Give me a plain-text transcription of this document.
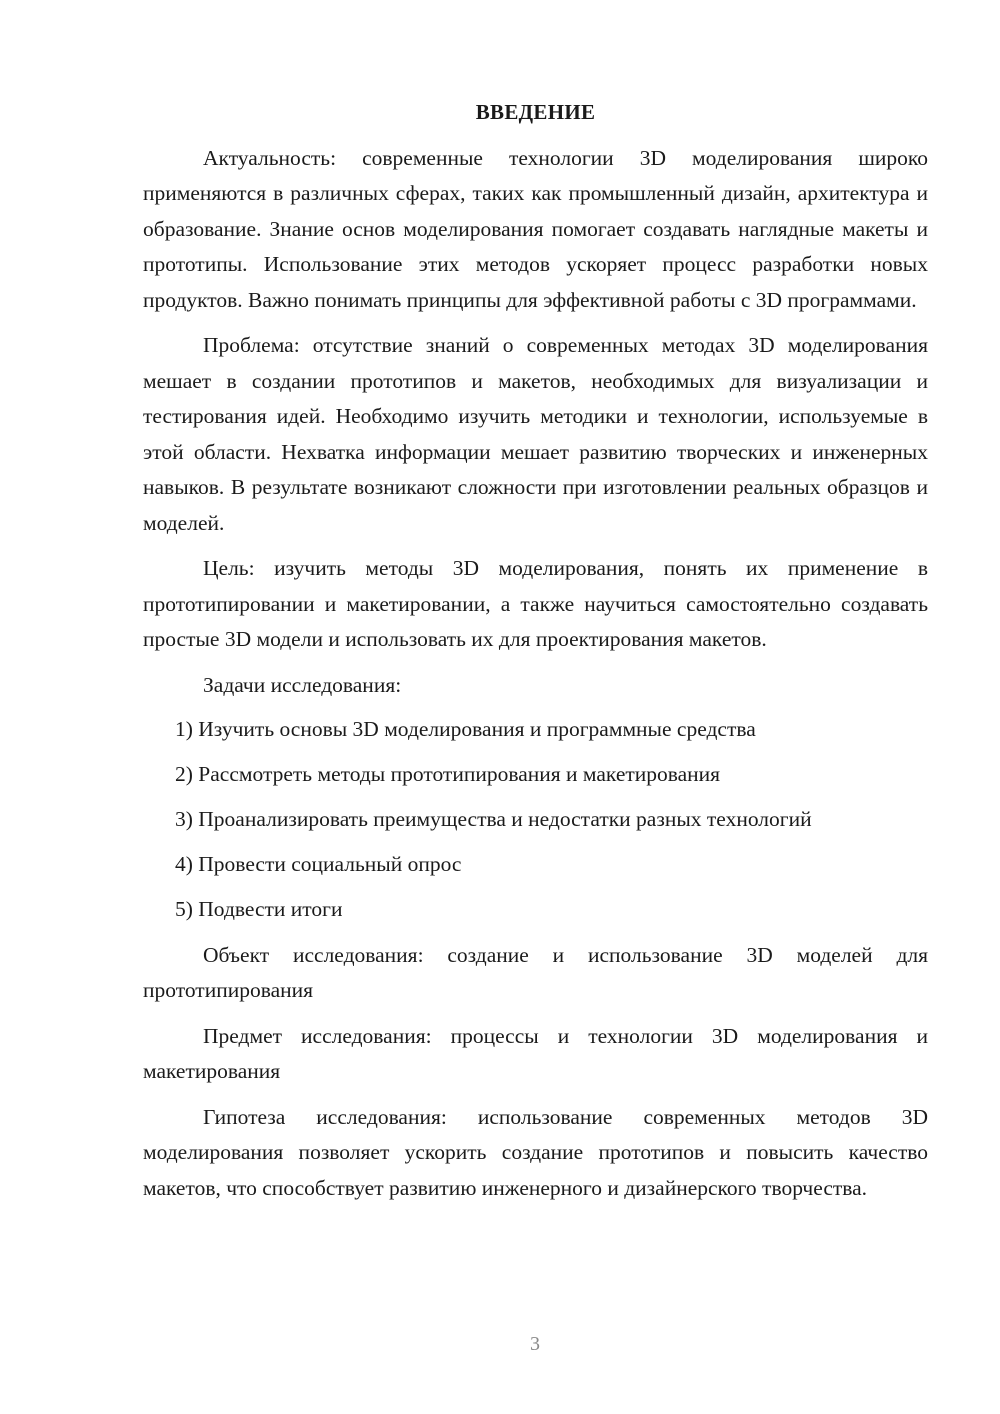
ВВЕДЕНИЕ

Актуальность: современные технологии 3D моделирования широко применяются в различных сферах, таких как промышленный дизайн, архитектура и образование. Знание основ моделирования помогает создавать наглядные макеты и прототипы. Использование этих методов ускоряет процесс разработки новых продуктов. Важно понимать принципы для эффективной работы с 3D программами.

Проблема: отсутствие знаний о современных методах 3D моделирования мешает в создании прототипов и макетов, необходимых для визуализации и тестирования идей. Необходимо изучить методики и технологии, используемые в этой области. Нехватка информации мешает развитию творческих и инженерных навыков. В результате возникают сложности при изготовлении реальных образцов и моделей.

Цель: изучить методы 3D моделирования, понять их применение в прототипировании и макетировании, а также научиться самостоятельно создавать простые 3D модели и использовать их для проектирования макетов.

Задачи исследования:

1) Изучить основы 3D моделирования и программные средства
2) Рассмотреть методы прототипирования и макетирования
3) Проанализировать преимущества и недостатки разных технологий
4) Провести социальный опрос
5) Подвести итоги

Объект исследования: создание и использование 3D моделей для прототипирования

Предмет исследования: процессы и технологии 3D моделирования и макетирования

Гипотеза исследования: использование современных методов 3D моделирования позволяет ускорить создание прототипов и повысить качество макетов, что способствует развитию инженерного и дизайнерского творчества.

3
